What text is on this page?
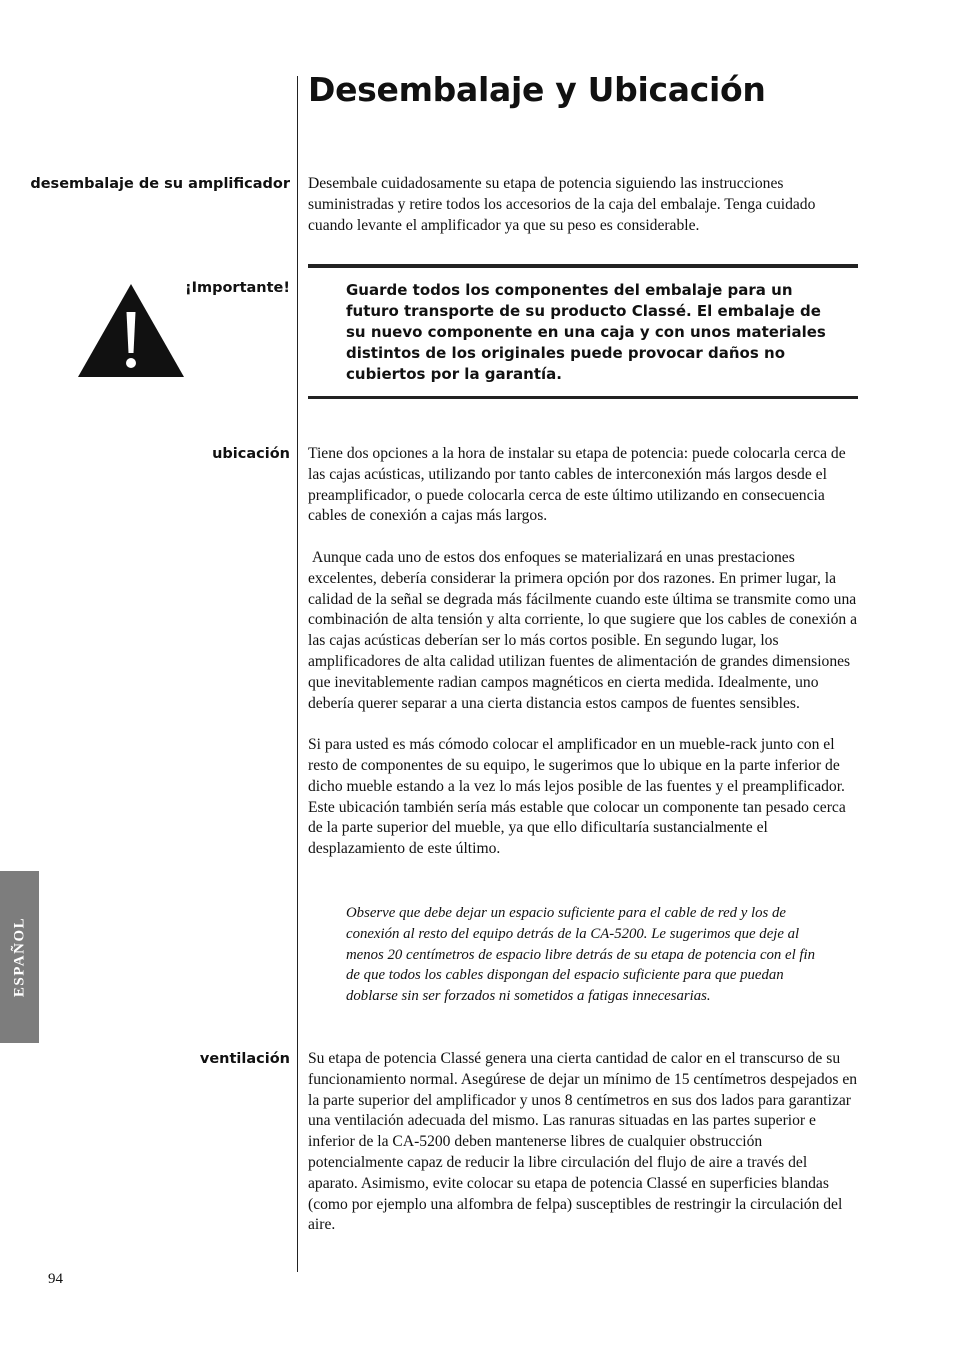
Desembalaje y Ubicación
desembalaje de su amplificador Desembale cuidadosamente su etapa de potencia siguiendo las instrucciones suministradas y retire todos los accesorios de la caja del embalaje. Tenga cuidado cuando levante el amplificador ya que su peso es considerable.

¡Importante!	Guarde todos los componentes del embalaje para un futuro transporte de su producto Classé. El embalaje de su nuevo componente en una caja y con unos materiales distintos de los originales puede provocar daños no cubiertos por la garantía.

ubicación Tiene dos opciones a la hora de instalar su etapa de potencia: puede colocarla cerca de las cajas acústicas, utilizando por tanto cables de interconexión más largos desde el preamplificador, o puede colocarla cerca de este último utilizando en consecuencia cables de conexión a cajas más largos.

Aunque cada uno de estos dos enfoques se materializará en unas prestaciones excelentes, debería considerar la primera opción por dos razones. En primer lugar, la calidad de la señal se degrada más fácilmente cuando este última se transmite como una combinación de alta tensión y alta corriente, lo que sugiere que los cables de conexión a las cajas acústicas deberían ser lo más cortos posible. En segundo lugar, los amplificadores de alta calidad utilizan fuentes de alimentación de grandes dimensiones que inevitablemente radian campos magnéticos en cierta medida. Idealmente, uno debería querer separar a una cierta distancia estos campos de fuentes sensibles.

Si para usted es más cómodo colocar el amplificador en un mueble-rack junto con el resto de componentes de su equipo, le sugerimos que lo ubique en la parte inferior de dicho mueble estando a la vez lo más lejos posible de las fuentes y el preamplificador. Este ubicación también sería más estable que colocar un componente tan pesado cerca de la parte superior del mueble, ya que ello dificultaría sustancialmente el desplazamiento de este último.

Observe que debe dejar un espacio suficiente para el cable de red y los de conexión al resto del equipo detrás de la CA-5200. Le sugerimos que deje al menos 20 centímetros de espacio libre detrás de su etapa de potencia con el fin de que todos los cables dispongan del espacio suficiente para que puedan doblarse sin ser forzados ni sometidos a fatigas innecesarias.

ventilación Su etapa de potencia Classé genera una cierta cantidad de calor en el transcurso de su funcionamiento normal. Asegúrese de dejar un mínimo de 15 centímetros despejados en la parte superior del amplificador y unos 8 centímetros en sus dos lados para garantizar una ventilación adecuada del mismo. Las ranuras situadas en las partes superior e inferior de la CA-5200 deben mantenerse libres de cualquier obstrucción potencialmente capaz de reducir la libre circulación del flujo de aire a través del aparato. Asimismo, evite colocar su etapa de potencia Classé en superficies blandas (como por ejemplo una alfombra de felpa) susceptibles de restringir la circulación del aire.

ESPAÑOL
94
